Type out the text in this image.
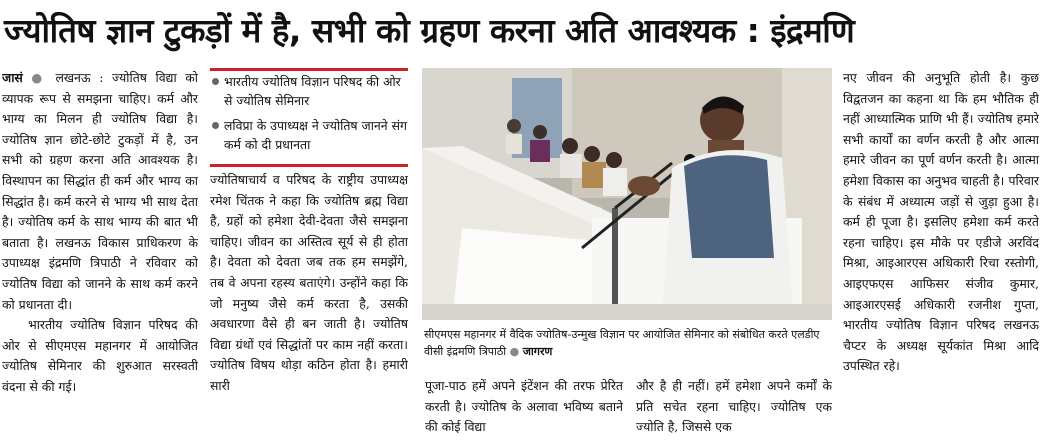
ज्योतिष ज्ञान टुकड़ों में है, सभी को ग्रहण करना अति आवश्यक : इंद्रमणि

जासं ● लखनऊ : ज्योतिष विद्या को व्यापक रूप से समझना चाहिए। कर्म और भाग्य का मिलन ही ज्योतिष विद्या है। ज्योतिष ज्ञान छोटे-छोटे टुकड़ों में है, उन सभी को ग्रहण करना अति आवश्यक है। विस्थापन का सिद्धांत ही कर्म और भाग्य का सिद्धांत है। कर्म करने से भाग्य भी साथ देता है। ज्योतिष कर्म के साथ भाग्य की बात भी बताता है। लखनऊ विकास प्राधिकरण के उपाध्यक्ष इंद्रमणि त्रिपाठी ने रविवार को ज्योतिष विद्या को जानने के साथ कर्म करने को प्रधानता दी।

भारतीय ज्योतिष विज्ञान परिषद की ओर से सीएमएस महानगर में आयोजित ज्योतिष सेमिनार की शुरुआत सरस्वती वंदना से की गई।

भारतीय ज्योतिष विज्ञान परिषद की ओर से ज्योतिष सेमिनार
लविप्रा के उपाध्यक्ष ने ज्योतिष जानने संग कर्म को दी प्रधानता

ज्योतिषाचार्य व परिषद के राष्ट्रीय उपाध्यक्ष रमेश चिंतक ने कहा कि ज्योतिष ब्रह्म विद्या है, ग्रहों को हमेशा देवी-देवता जैसे समझना चाहिए। जीवन का अस्तित्व सूर्य से ही होता है। देवता को देवता जब तक हम समझेंगे, तब वे अपना रहस्य बताएंगे। उन्होंने कहा कि जो मनुष्य जैसे कर्म करता है, उसकी अवधारणा वैसे ही बन जाती है। ज्योतिष विद्या ग्रंथों एवं सिद्धांतों पर काम नहीं करता। ज्योतिष विषय थोड़ा कठिन होता है। हमारी सारी

सीएमएस महानगर में वैदिक ज्योतिष-उन्मुख विज्ञान पर आयोजित सेमिनार को संबोधित करते एलडीए वीसी इंद्रमणि त्रिपाठी ● जागरण

पूजा-पाठ हमें अपने इंटेंशन की तरफ प्रेरित करती है। ज्योतिष के अलावा भविष्य बताने की कोई विद्या

और है ही नहीं। हमें हमेशा अपने कर्मों के प्रति सचेत रहना चाहिए। ज्योतिष एक ज्योति है, जिससे एक

नए जीवन की अनुभूति होती है। कुछ विद्वतजन का कहना था कि हम भौतिक ही नहीं आध्यात्मिक प्राणि भी हैं। ज्योतिष हमारे सभी कार्यों का वर्णन करती है और आत्मा हमारे जीवन का पूर्ण वर्णन करती है। आत्मा हमेशा विकास का अनुभव चाहती है। परिवार के संबंध में अध्यात्म जड़ों से जुड़ा हुआ है। कर्म ही पूजा है। इसलिए हमेशा कर्म करते रहना चाहिए। इस मौके पर एडीजे अरविंद मिश्रा, आइआरएस अधिकारी रिचा रस्तोगी, आइएफएस आफिसर संजीव कुमार, आइआरएसई अधिकारी रजनीश गुप्ता, भारतीय ज्योतिष विज्ञान परिषद लखनऊ चैप्टर के अध्यक्ष सूर्यकांत मिश्रा आदि उपस्थित रहे।
